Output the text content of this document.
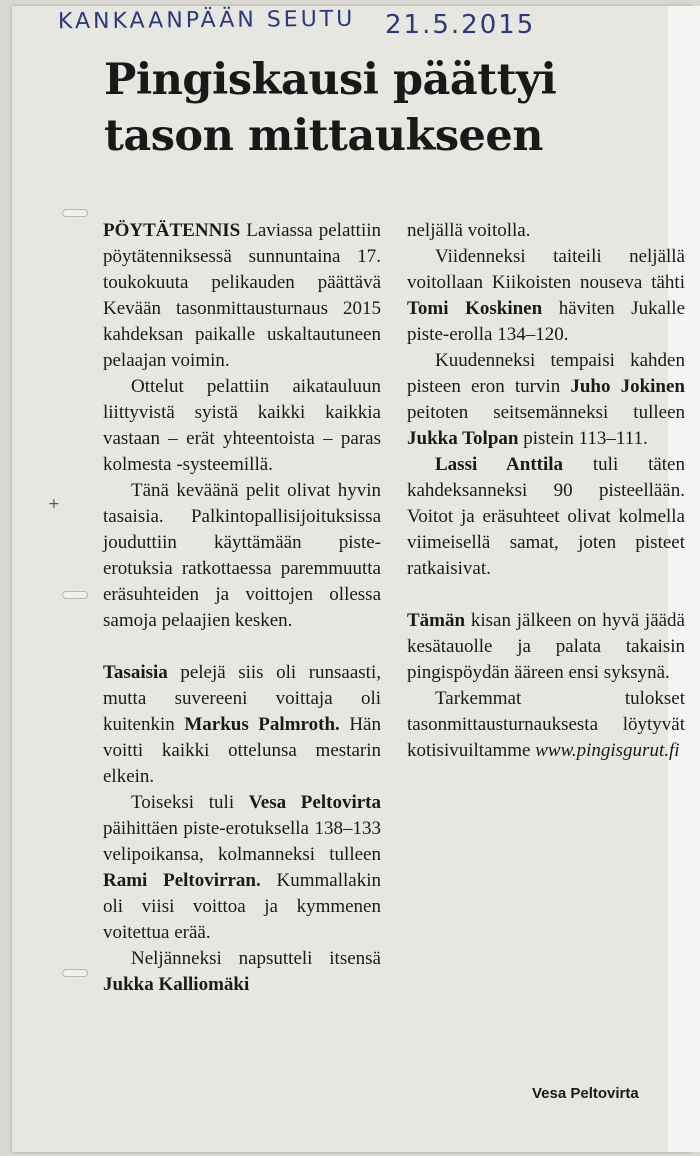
+
KANKAANPÄÄN SEUTU 21.5.2015
Pingiskausi päättyi
tason mittaukseen

PÖYTÄTENNIS Laviassa pelattiin pöytätenniksessä sunnuntaina 17. toukokuuta pelikauden päättävä Kevään tasonmittausturnaus 2015 kahdeksan paikalle uskaltautuneen pelaajan voimin.

Ottelut pelattiin aikatauluun liittyvistä syistä kaikki kaikkia vastaan – erät yhteentoista – paras kolmesta -systeemillä.

Tänä keväänä pelit olivat hyvin tasaisia. Palkintopallisijoituksissa jouduttiin käyttämään piste-erotuksia ratkottaessa paremmuutta eräsuhteiden ja voittojen ollessa samoja pelaajien kesken.

Tasaisia pelejä siis oli runsaasti, mutta suvereeni voittaja oli kuitenkin Markus Palmroth. Hän voitti kaikki ottelunsa mestarin elkein.

Toiseksi tuli Vesa Peltovirta päihittäen piste-erotuksella 138–133 velipoikansa, kolmanneksi tulleen Rami Peltovirran. Kummallakin oli viisi voittoa ja kymmenen voitettua erää.

Neljänneksi napsutteli itsensä Jukka Kalliomäki

neljällä voitolla.

Viidenneksi taiteili neljällä voitollaan Kiikoisten nouseva tähti Tomi Koskinen häviten Jukalle piste-erolla 134–120.

Kuudenneksi tempaisi kahden pisteen eron turvin Juho Jokinen peitoten seitsemänneksi tulleen Jukka Tolpan pistein 113–111.

Lassi Anttila tuli täten kahdeksanneksi 90 pisteellään. Voitot ja eräsuhteet olivat kolmella viimeisellä samat, joten pisteet ratkaisivat.

Tämän kisan jälkeen on hyvä jäädä kesätauolle ja palata takaisin pingispöydän ääreen ensi syksynä.

Tarkemmat tulokset tasonmittausturnauksesta löytyvät kotisivuiltamme www.pingisgurut.fi

Vesa Peltovirta
